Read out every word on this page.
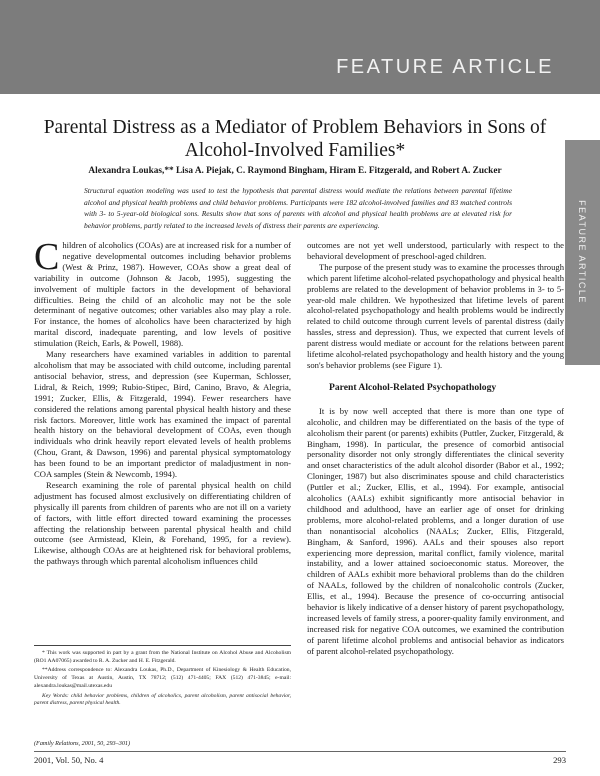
FEATURE ARTICLE
FEATURE ARTICLE
Parental Distress as a Mediator of Problem Behaviors in Sons of Alcohol-Involved Families*
Alexandra Loukas,** Lisa A. Piejak, C. Raymond Bingham, Hiram E. Fitzgerald, and Robert A. Zucker
Structural equation modeling was used to test the hypothesis that parental distress would mediate the relations between parental lifetime alcohol and physical health problems and child behavior problems. Participants were 182 alcohol-involved families and 83 matched controls with 3- to 5-year-old biological sons. Results show that sons of parents with alcohol and physical health problems are at elevated risk for behavior problems, partly related to the increased levels of distress their parents are experiencing.

Children of alcoholics (COAs) are at increased risk for a number of negative developmental outcomes including behavior problems (West & Prinz, 1987). However, COAs show a great deal of variability in outcome (Johnson & Jacob, 1995), suggesting the involvement of multiple factors in the development of behavioral difficulties. Being the child of an alcoholic may not be the sole determinant of negative outcomes; other variables also may play a role. For instance, the homes of alcoholics have been characterized by high marital discord, inadequate parenting, and low levels of positive stimulation (Reich, Earls, & Powell, 1988).

Many researchers have examined variables in addition to parental alcoholism that may be associated with child outcome, including parental antisocial behavior, stress, and depression (see Kuperman, Schlosser, Lidral, & Reich, 1999; Rubio-Stipec, Bird, Canino, Bravo, & Alegria, 1991; Zucker, Ellis, & Fitzgerald, 1994). Fewer researchers have considered the relations among parental physical health history and these risk factors. Moreover, little work has examined the impact of parental health history on the behavioral development of COAs, even though individuals who drink heavily report elevated levels of health problems (Chou, Grant, & Dawson, 1996) and parental physical symptomatology has been found to be an important predictor of maladjustment in non-COA samples (Stein & Newcomb, 1994).

Research examining the role of parental physical health on child adjustment has focused almost exclusively on differentiating children of physically ill parents from children of parents who are not ill on a variety of factors, with little effort directed toward examining the processes affecting the relationship between parental physical health and child outcome (see Armistead, Klein, & Forehand, 1995, for a review). Likewise, although COAs are at heightened risk for behavioral problems, the pathways through which parental alcoholism influences child

outcomes are not yet well understood, particularly with respect to the behavioral development of preschool-aged children.

The purpose of the present study was to examine the processes through which parent lifetime alcohol-related psychopathology and physical health problems are related to the development of behavior problems in 3- to 5-year-old male children. We hypothesized that lifetime levels of parent alcohol-related psychopathology and health problems would be indirectly related to child outcome through current levels of parental distress (daily hassles, stress and depression). Thus, we expected that current levels of parent distress would mediate or account for the relations between parent lifetime alcohol-related psychopathology and health history and the young son's behavior problems (see Figure 1).

Parent Alcohol-Related Psychopathology

It is by now well accepted that there is more than one type of alcoholic, and children may be differentiated on the basis of the type of alcoholism their parent (or parents) exhibits (Puttler, Zucker, Fitzgerald, & Bingham, 1998). In particular, the presence of comorbid antisocial personality disorder not only strongly differentiates the clinical severity and onset characteristics of the adult alcohol disorder (Babor et al., 1992; Cloninger, 1987) but also discriminates spouse and child characteristics (Puttler et al.; Zucker, Ellis, et al., 1994). For example, antisocial alcoholics (AALs) exhibit significantly more antisocial behavior in childhood and adulthood, have an earlier age of onset for drinking problems, more alcohol-related problems, and a longer duration of use than nonantisocial alcoholics (NAALs; Zucker, Ellis, Fitzgerald, Bingham, & Sanford, 1996). AALs and their spouses also report experiencing more depression, marital conflict, family violence, marital instability, and a lower attained socioeconomic status. Moreover, the children of AALs exhibit more behavioral problems than do the children of NAALs, followed by the children of nonalcoholic controls (Zucker, Ellis, et al., 1994). Because the presence of co-occurring antisocial behavior is likely indicative of a denser history of parent psychopathology, increased levels of family stress, a poorer-quality family environment, and increased risk for negative COA outcomes, we examined the contribution of parent lifetime alcohol problems and antisocial behavior as indicators of parent alcohol-related psychopathology.

* This work was supported in part by a grant from the National Institute on Alcohol Abuse and Alcoholism (RO1 AA07065) awarded to R. A. Zucker and H. E. Fitzgerald.

**Address correspondence to: Alexandra Loukas, Ph.D., Department of Kinesiology & Health Education, University of Texas at Austin, Austin, TX 78712; (512) 471-4405; FAX (512) 471-3845; e-mail: alexandra.loukas@mail.utexas.edu

Key Words: child behavior problems, children of alcoholics, parent alcoholism, parent antisocial behavior, parent distress, parent physical health.

(Family Relations, 2001, 50, 293–301)
2001, Vol. 50, No. 4	293
